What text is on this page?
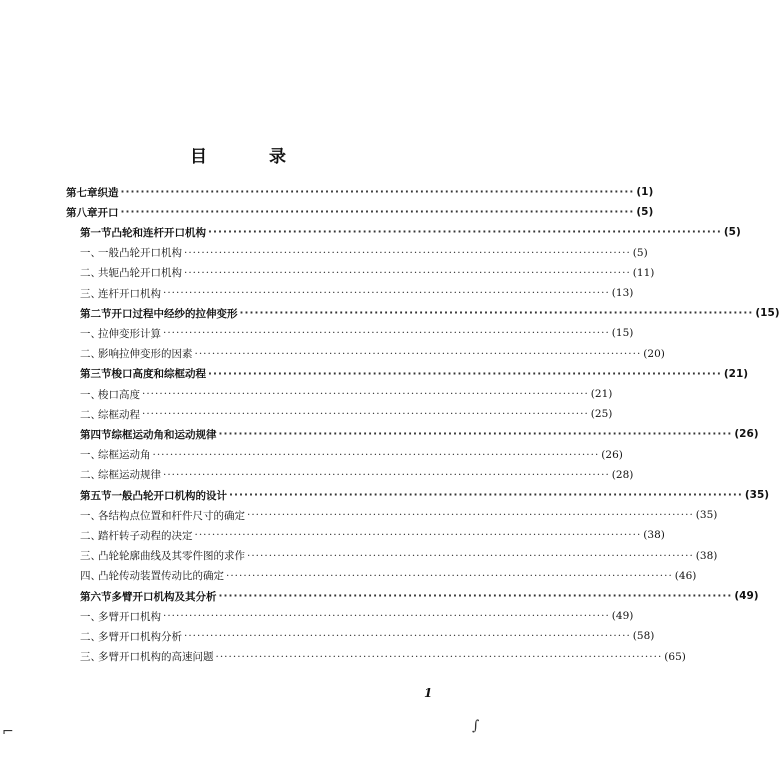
目 录
第七章 织造 ······································································································· ( 1 )
第八章 开口 ······································································································· ( 5 )
第一节 凸轮和连杆开口机构 ······································································································· ( 5 )
一、
一般凸轮开口机构 ······································································································· ( 5 )
二、
共轭凸轮开口机构 ······································································································· ( 11 )
三、
连杆开口机构 ······································································································· ( 13 )
第二节 开口过程中经纱的拉伸变形 ······································································································· ( 15 )
一、
拉伸变形计算 ······································································································· ( 15 )
二、
影响拉伸变形的因素 ······································································································· ( 20 )
第三节 梭口高度和综框动程 ······································································································· ( 21 )
一、
梭口高度 ······································································································· ( 21 )
二、
综框动程 ······································································································· ( 25 )
第四节 综框运动角和运动规律 ······································································································· ( 26 )
一、
综框运动角 ······································································································· ( 26 )
二、
综框运动规律 ······································································································· ( 28 )
第五节 一般凸轮开口机构的设计 ······································································································· ( 35 )
一、
各结构点位置和杆件尺寸的确定 ······································································································· ( 35 )
二、
踏杆转子动程的决定 ······································································································· ( 38 )
三、
凸轮轮廓曲线及其零件图的求作 ······································································································· ( 38 )
四、
凸轮传动装置传动比的确定 ······································································································· ( 46 )
第六节 多臂开口机构及其分析 ······································································································· ( 49 )
一、
多臂开口机构 ······································································································· ( 49 )
二、
多臂开口机构分析 ······································································································· ( 58 )
三、
多臂开口机构的高速问题 ······································································································· ( 65 )
1
⌐	∫
